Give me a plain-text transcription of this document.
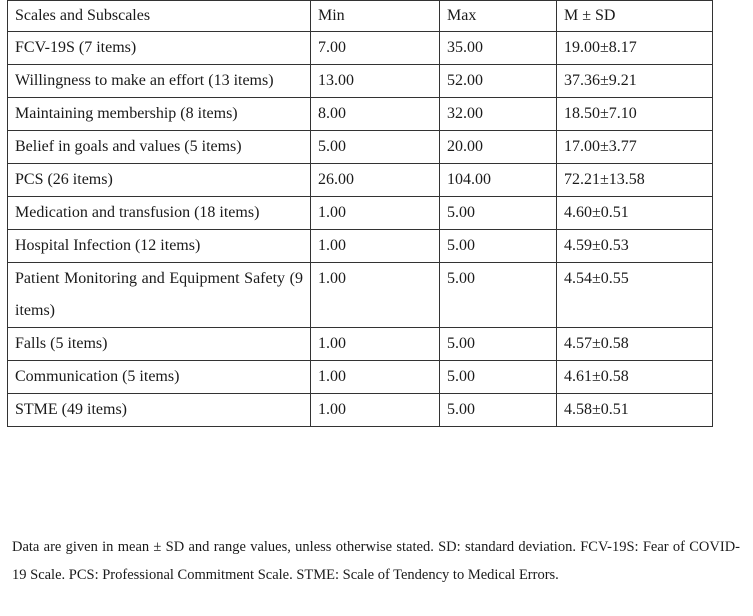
Scales and Subscales	Min	Max	M ± SD
FCV-19S (7 items)	7.00	35.00	19.00±8.17
Willingness to make an effort (13 items)	13.00	52.00	37.36±9.21
Maintaining membership (8 items)	8.00	32.00	18.50±7.10
Belief in goals and values (5 items)	5.00	20.00	17.00±3.77
PCS (26 items)	26.00	104.00	72.21±13.58
Medication and transfusion (18 items)	1.00	5.00	4.60±0.51
Hospital Infection (12 items)	1.00	5.00	4.59±0.53
Patient Monitoring and Equipment Safety (9 items)	1.00	5.00	4.54±0.55
Falls (5 items)	1.00	5.00	4.57±0.58
Communication (5 items)	1.00	5.00	4.61±0.58
STME (49 items)	1.00	5.00	4.58±0.51

Data are given in mean ± SD and range values, unless otherwise stated. SD: standard deviation. FCV-19S: Fear of COVID-19 Scale. PCS: Professional Commitment Scale. STME: Scale of Tendency to Medical Errors.
